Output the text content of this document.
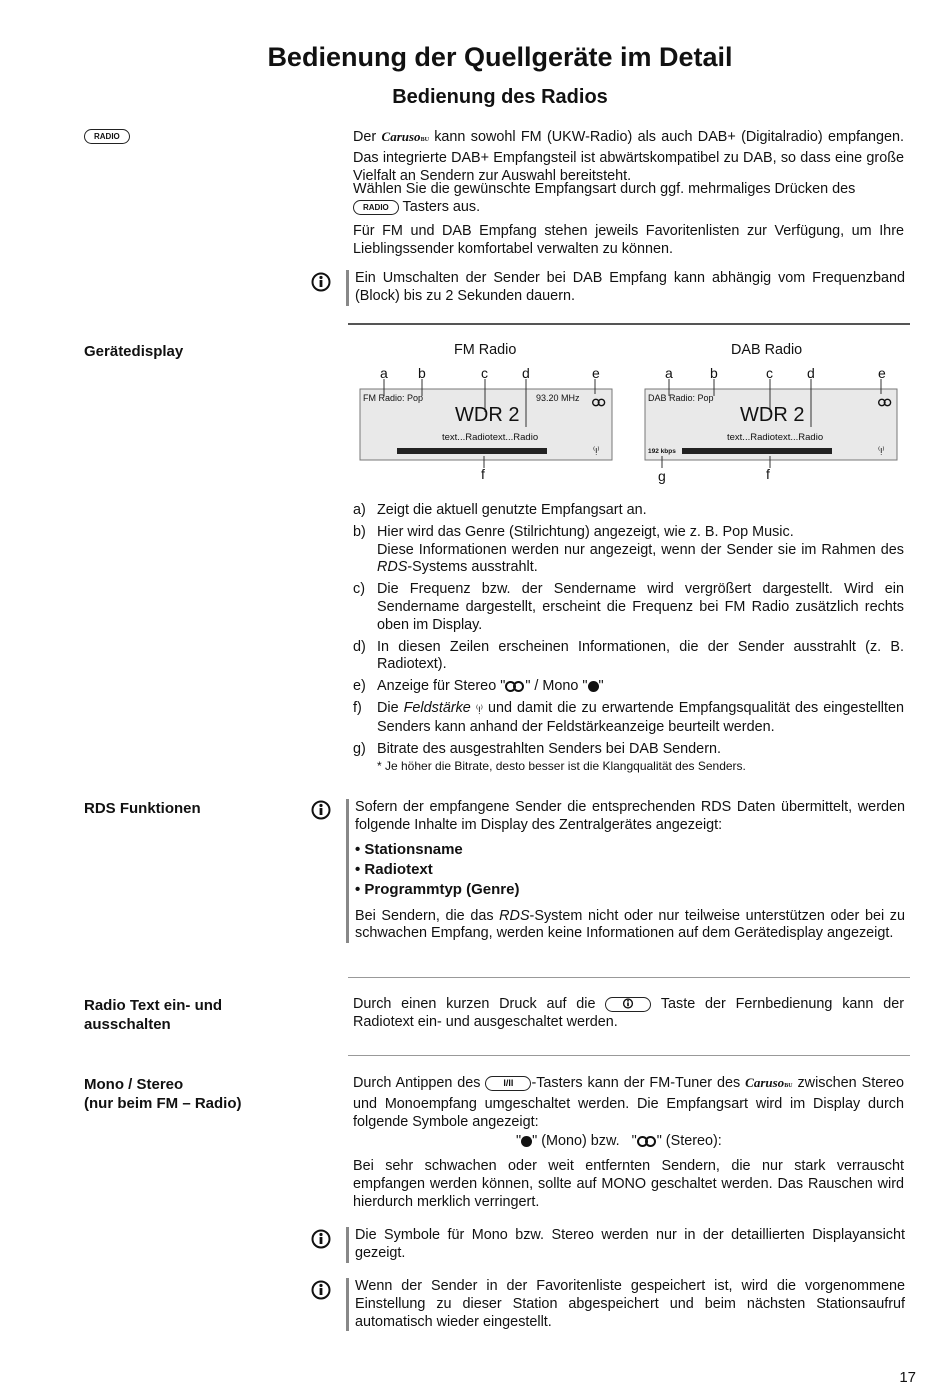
Bedienung der Quellgeräte im Detail
Bedienung des Radios
RADIO	Der CarusoBU kann sowohl FM (UKW-Radio) als auch DAB+ (Digitalradio) empfangen. Das integrierte DAB+ Empfangsteil ist abwärtskompatibel zu DAB, so dass eine große Vielfalt an Sendern zur Auswahl bereitsteht.
Wählen Sie die gewünschte Empfangsart durch ggf. mehrmaliges Drücken des
RADIO Tasters aus.
Für FM und DAB Empfang stehen jeweils Favoritenlisten zur Verfügung, um Ihre Lieblingssender komfortabel verwalten zu können.
Ein Umschalten der Sender bei DAB Empfang kann abhängig vom Frequenzband (Block) bis zu 2 Sekunden dauern.
Gerätedisplay	FM Radio	DAB Radio
a b	c d	e
f
FM Radio: Pop	93.20 MHz
WDR 2
text...Radiotext...Radio
⁽ᴉ⁾
a	b	c d	e
f
g
DAB Radio: Pop
WDR 2
text...Radiotext...Radio
192 kbps	⁽ᴉ⁾
a) Zeigt die aktuell genutzte Empfangsart an.
b) Hier wird das Genre (Stilrichtung) angezeigt, wie z. B. Pop Music.
Diese Informationen werden nur angezeigt, wenn der Sender sie im Rahmen des RDS-Systems ausstrahlt.
c) Die Frequenz bzw. der Sendername wird vergrößert dargestellt. Wird ein Sendername dargestellt, erscheint die Frequenz bei FM Radio zusätzlich rechts oben im Display.
d) In diesen Zeilen erscheinen Informationen, die der Sender ausstrahlt (z. B. Radiotext).
e) Anzeige für Stereo " " / Mono " "
f) Die Feldstärke ⁽ᴉ⁾ und damit die zu erwartende Empfangsqualität des eingestellten Senders kann anhand der Feldstärkeanzeige beurteilt werden.
g) Bitrate des ausgestrahlten Senders bei DAB Sendern.
* Je höher die Bitrate, desto besser ist die Klangqualität des Senders.
RDS Funktionen	Sofern der empfangene Sender die entsprechenden RDS Daten übermittelt, werden folgende Inhalte im Display des Zentralgerätes angezeigt:
• Stationsname
• Radiotext
• Programmtyp (Genre)
Bei Sendern, die das RDS-System nicht oder nur teilweise unterstützen oder bei zu schwachen Empfang, werden keine Informationen auf dem Gerätedisplay angezeigt.
Radio Text ein- und
ausschalten
Durch einen kurzen Druck auf die	Taste der Fernbedienung kann der Radiotext ein- und ausgeschaltet werden.
Mono / Stereo
(nur beim FM – Radio)
Durch Antippen des	I/II -Tasters kann der FM-Tuner des CarusoBU zwischen Stereo und Monoempfang umgeschaltet werden. Die Empfangsart wird im Display durch folgende Symbole angezeigt:
" " (Mono) bzw. " " (Stereo):
Bei sehr schwachen oder weit entfernten Sendern, die nur stark verrauscht empfangen werden können, sollte auf MONO geschaltet werden. Das Rauschen wird hierdurch merklich verringert.
Die Symbole für Mono bzw. Stereo werden nur in der detaillierten Displayansicht gezeigt.
Wenn der Sender in der Favoritenliste gespeichert ist, wird die vorgenommene Einstellung zu dieser Station abgespeichert und beim nächsten Stationsaufruf automatisch wieder eingestellt.
17
